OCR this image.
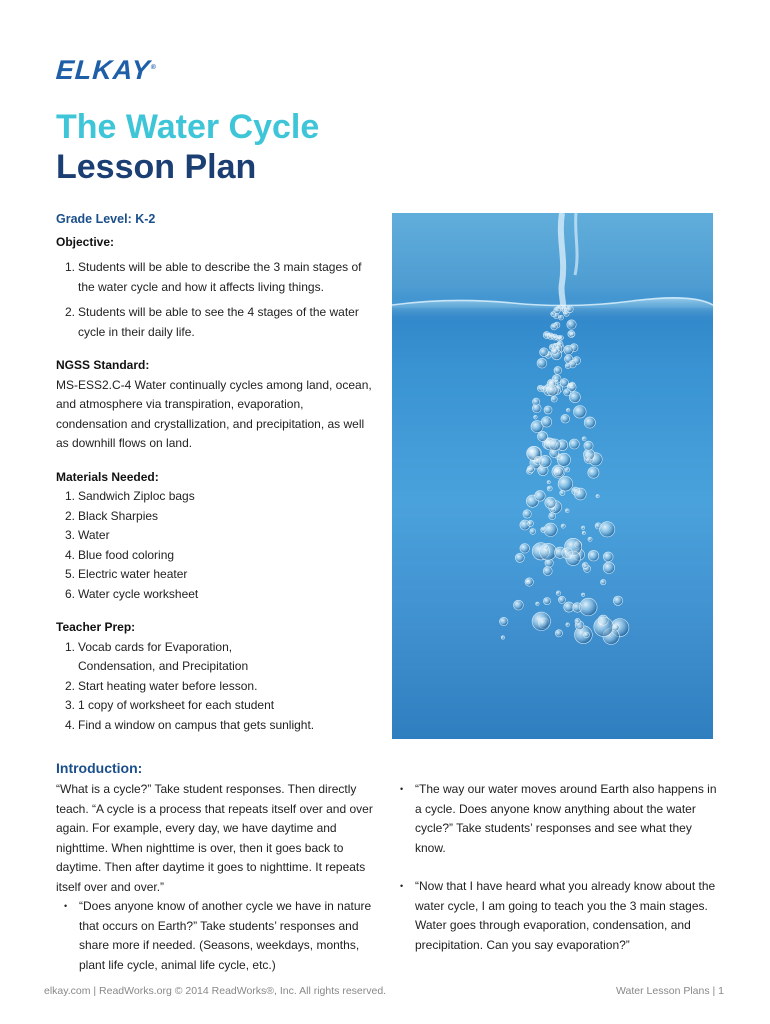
ELKAY®
The Water Cycle
Lesson Plan
Grade Level: K-2
Objective:
1. Students will be able to describe the 3 main stages of the water cycle and how it affects living things.
2. Students will be able to see the 4 stages of the water cycle in their daily life.
NGSS Standard:
MS-ESS2.C-4 Water continually cycles among land, ocean, and atmosphere via transpiration, evaporation, condensation and crystallization, and precipitation, as well as downhill flows on land.
Materials Needed:
1. Sandwich Ziploc bags
2. Black Sharpies
3. Water
4. Blue food coloring
5. Electric water heater
6. Water cycle worksheet
Teacher Prep:
1. Vocab cards for Evaporation, Condensation, and Precipitation
2. Start heating water before lesson.
3. 1 copy of worksheet for each student
4. Find a window on campus that gets sunlight.
Introduction:

“What is a cycle?” Take student responses. Then directly teach. “A cycle is a process that repeats itself over and over again. For example, every day, we have daytime and nighttime. When nighttime is over, then it goes back to daytime. Then after daytime it goes to nighttime. It repeats itself over and over.”

• “Does anyone know of another cycle we have in nature that occurs on Earth?” Take students’ responses and share more if needed. (Seasons, weekdays, months, plant life cycle, animal life cycle, etc.)
• “The way our water moves around Earth also happens in a cycle. Does anyone know anything about the water cycle?” Take students’ responses and see what they know.
• “Now that I have heard what you already know about the water cycle, I am going to teach you the 3 main stages. Water goes through evaporation, condensation, and precipitation. Can you say evaporation?”
elkay.com | ReadWorks.org © 2014 ReadWorks®, Inc. All rights reserved.	Water Lesson Plans | 1
